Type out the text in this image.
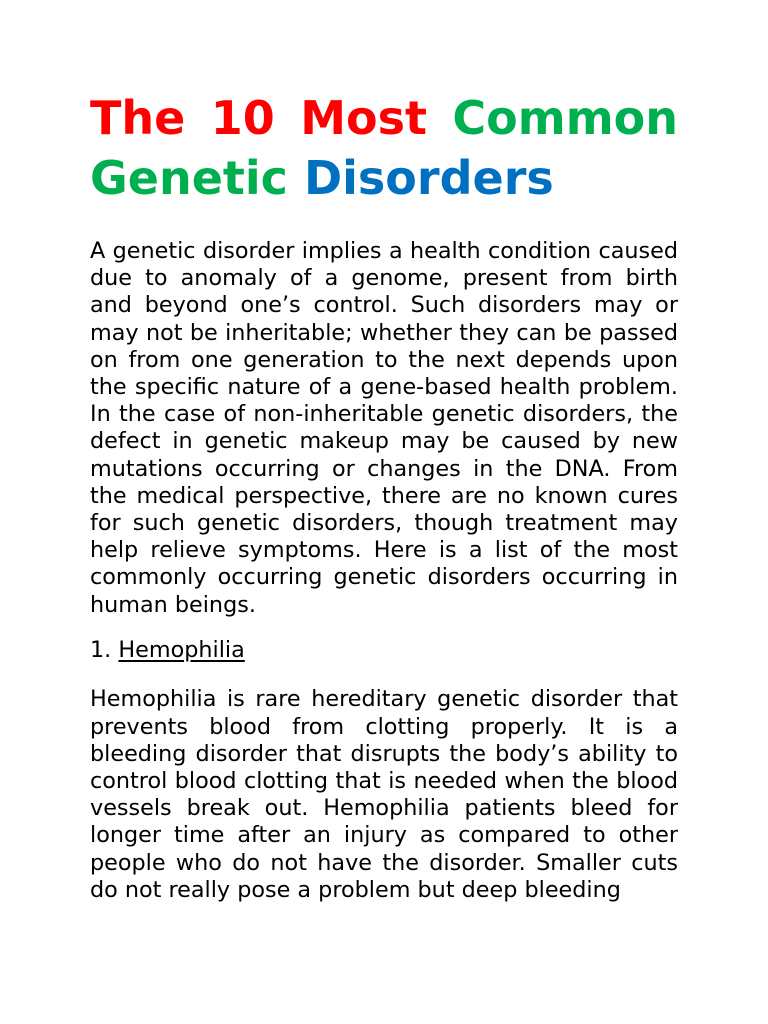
The 10 Most Common
Genetic Disorders

A genetic disorder implies a health condition caused due to anomaly of a genome, present from birth and beyond one’s control. Such disorders may or may not be inheritable; whether they can be passed on from one generation to the next depends upon the specific nature of a gene-based health problem. In the case of non-inheritable genetic disorders, the defect in genetic makeup may be caused by new mutations occurring or changes in the DNA. From the medical perspective, there are no known cures for such genetic disorders, though treatment may help relieve symptoms. Here is a list of the most commonly occurring genetic disorders occurring in human beings.

1. Hemophilia

Hemophilia is rare hereditary genetic disorder that prevents blood from clotting properly. It is a bleeding disorder that disrupts the body’s ability to control blood clotting that is needed when the blood vessels break out. Hemophilia patients bleed for longer time after an injury as compared to other people who do not have the disorder. Smaller cuts do not really pose a problem but deep bleeding
